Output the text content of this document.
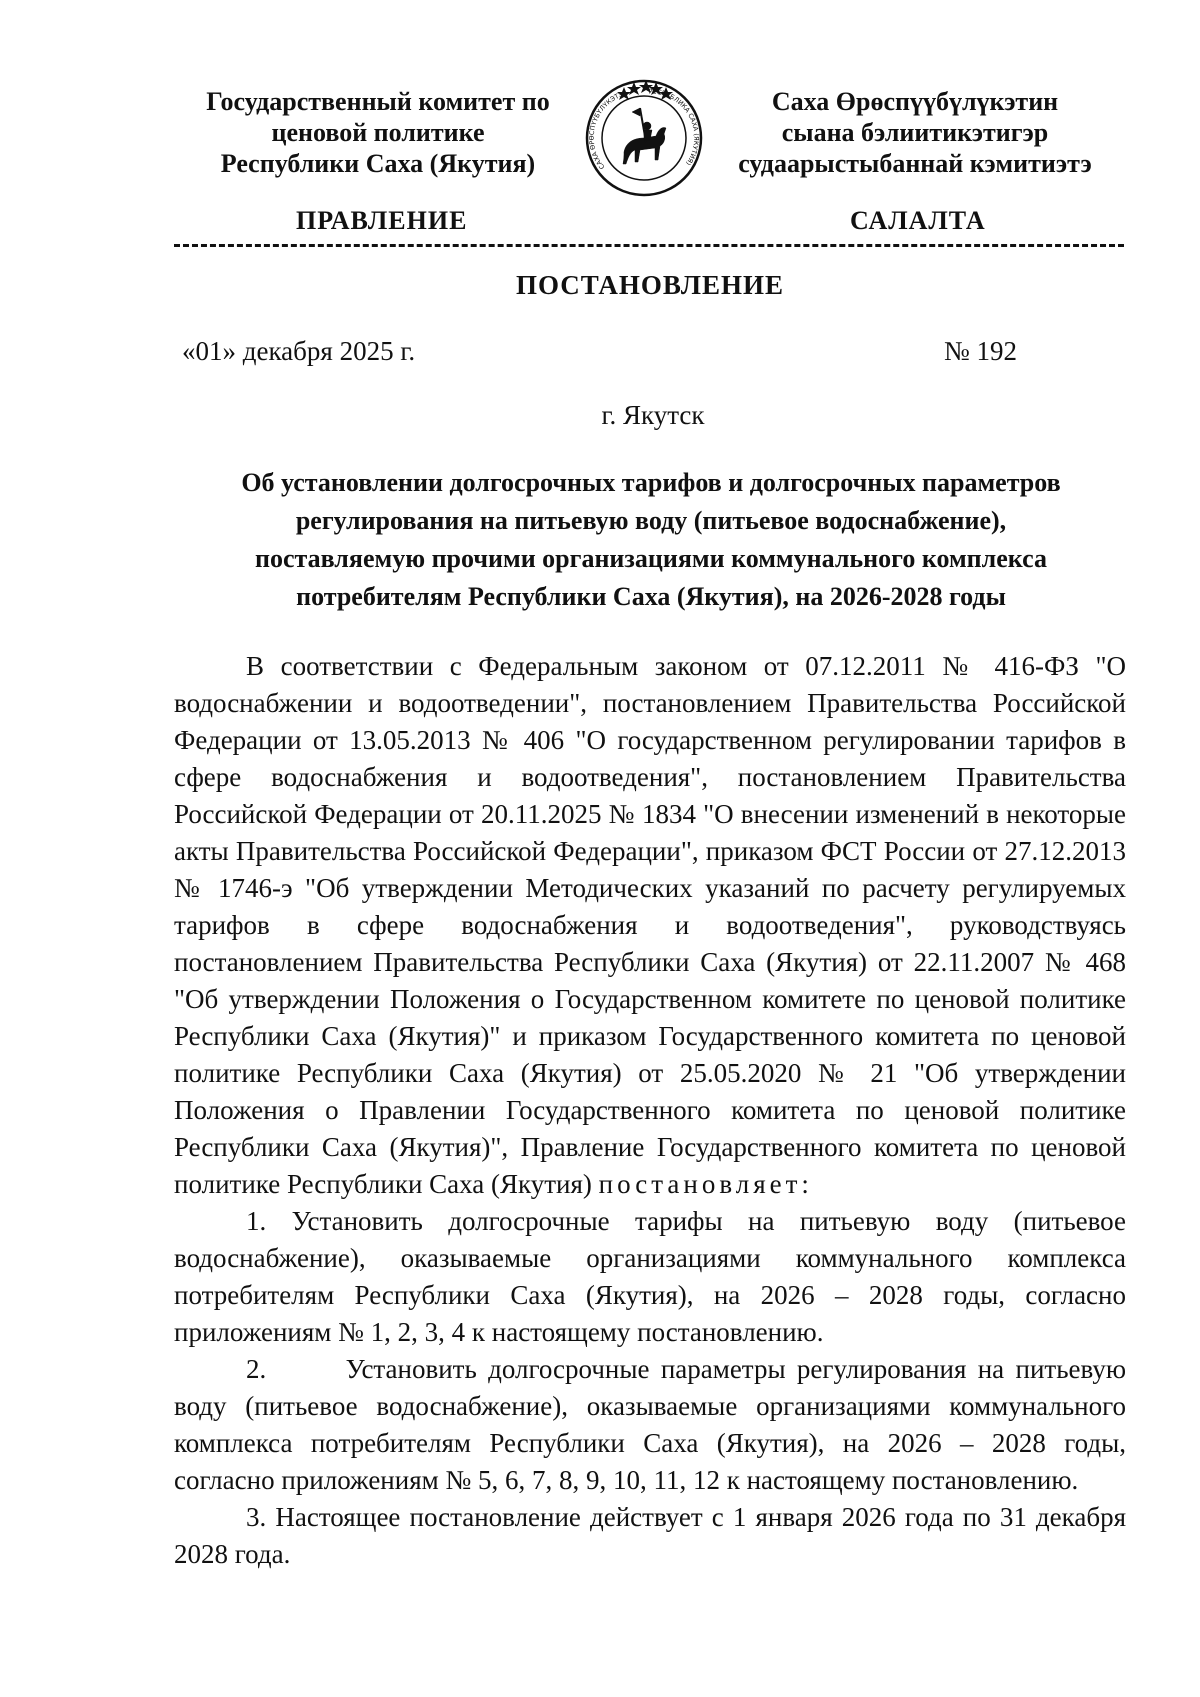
Государственный комитет по
ценовой политике
Республики Саха (Якутия)	САХА ӨРӨСПҮҮБҮЛҮКЭТЭ	РЕСПУБЛИКА САХА (ЯКУТИЯ)
Саха Өрөспүүбүлүкэтин
сыана бэлиитикэтигэр
судаарыстыбаннай кэмитиэтэ
ПРАВЛЕНИЕ	САЛАЛТА
ПОСТАНОВЛЕНИЕ
«01» декабря 2025 г.	№ 192
г. Якутск
Об установлении долгосрочных тарифов и долгосрочных параметров
регулирования на питьевую воду (питьевое водоснабжение),
поставляемую прочими организациями коммунального комплекса
потребителям Республики Саха (Якутия), на 2026-2028 годы

В соответствии с Федеральным законом от 07.12.2011 № 416-ФЗ "О водоснабжении и водоотведении", постановлением Правительства Российской Федерации от 13.05.2013 № 406 "О государственном регулировании тарифов в сфере водоснабжения и водоотведения", постановлением Правительства Российской Федерации от 20.11.2025 № 1834 "О внесении изменений в некоторые акты Правительства Российской Федерации", приказом ФСТ России от 27.12.2013 № 1746-э "Об утверждении Методических указаний по расчету регулируемых тарифов в сфере водоснабжения и водоотведения", руководствуясь постановлением Правительства Республики Саха (Якутия) от 22.11.2007 № 468 "Об утверждении Положения о Государственном комитете по ценовой политике Республики Саха (Якутия)" и приказом Государственного комитета по ценовой политике Республики Саха (Якутия) от 25.05.2020 № 21 "Об утверждении Положения о Правлении Государственного комитета по ценовой политике Республики Саха (Якутия)", Правление Государственного комитета по ценовой политике Республики Саха (Якутия) постановляет:

1. Установить долгосрочные тарифы на питьевую воду (питьевое водоснабжение), оказываемые организациями коммунального комплекса потребителям Республики Саха (Якутия), на 2026 – 2028 годы, согласно приложениям № 1, 2, 3, 4 к настоящему постановлению.

2.       Установить долгосрочные параметры регулирования на питьевую воду (питьевое водоснабжение), оказываемые организациями коммунального комплекса потребителям Республики Саха (Якутия), на 2026 – 2028 годы, согласно приложениям № 5, 6, 7, 8, 9, 10, 11, 12 к настоящему постановлению.

3. Настоящее постановление действует с 1 января 2026 года по 31 декабря 2028 года.
